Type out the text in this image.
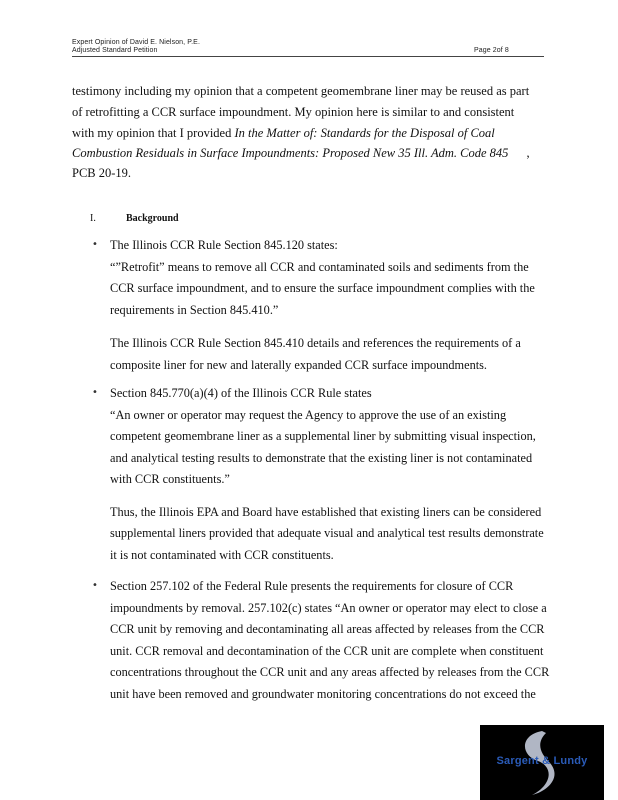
Expert Opinion of David E. Nielson, P.E.
Adjusted Standard Petition	Page 2of 8
testimony including my opinion that a competent geomembrane liner may be reused as part
of retrofitting a CCR surface impoundment. My opinion here is similar to and consistent
with my opinion that I provided In the Matter of: Standards for the Disposal of Coal
Combustion Residuals in Surface Impoundments: Proposed New 35 Ill. Adm. Code 845 ,
PCB 20-19.
I.	Background
• The Illinois CCR Rule Section 845.120 states:

“”Retrofit” means to remove all CCR and contaminated soils and sediments from the

CCR surface impoundment, and to ensure the surface impoundment complies with the

requirements in Section 845.410.”

The Illinois CCR Rule Section 845.410 details and references the requirements of a

composite liner for new and laterally expanded CCR surface impoundments.

• Section 845.770(a)(4) of the Illinois CCR Rule states

“An owner or operator may request the Agency to approve the use of an existing

competent geomembrane liner as a supplemental liner by submitting visual inspection,

and analytical testing results to demonstrate that the existing liner is not contaminated

with CCR constituents.”

Thus, the Illinois EPA and Board have established that existing liners can be considered

supplemental liners provided that adequate visual and analytical test results demonstrate

it is not contaminated with CCR constituents.

• Section 257.102 of the Federal Rule presents the requirements for closure of CCR

impoundments by removal. 257.102(c) states “An owner or operator may elect to close a

CCR unit by removing and decontaminating all areas affected by releases from the CCR

unit. CCR removal and decontamination of the CCR unit are complete when constituent

concentrations throughout the CCR unit and any areas affected by releases from the CCR

unit have been removed and groundwater monitoring concentrations do not exceed the

Sargent & Lundy
